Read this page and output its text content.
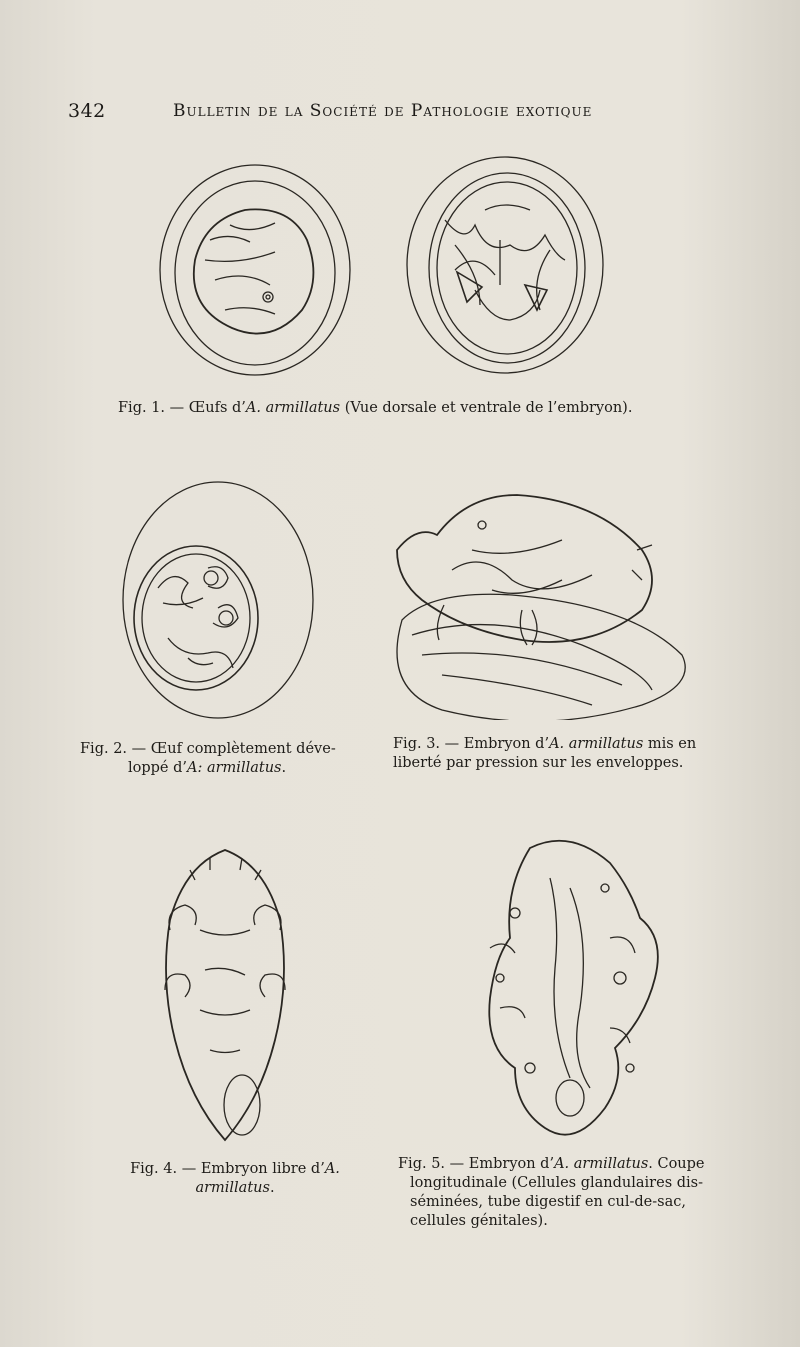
342	Bulletin de la Société de Pathologie exotique
Fig. 1. — Œufs d’A. armillatus (Vue dorsale et ventrale de l’embryon).
Fig. 2. — Œuf complètement déve-
loppé d’A: armillatus.
Fig. 3. — Embryon d’A. armillatus mis en
liberté par pression sur les enveloppes.
Fig. 4. — Embryon libre d’A.
armillatus.
Fig. 5. — Embryon d’A. armillatus. Coupe
longitudinale (Cellules glandulaires dis-
séminées, tube digestif en cul-de-sac,
cellules génitales).
